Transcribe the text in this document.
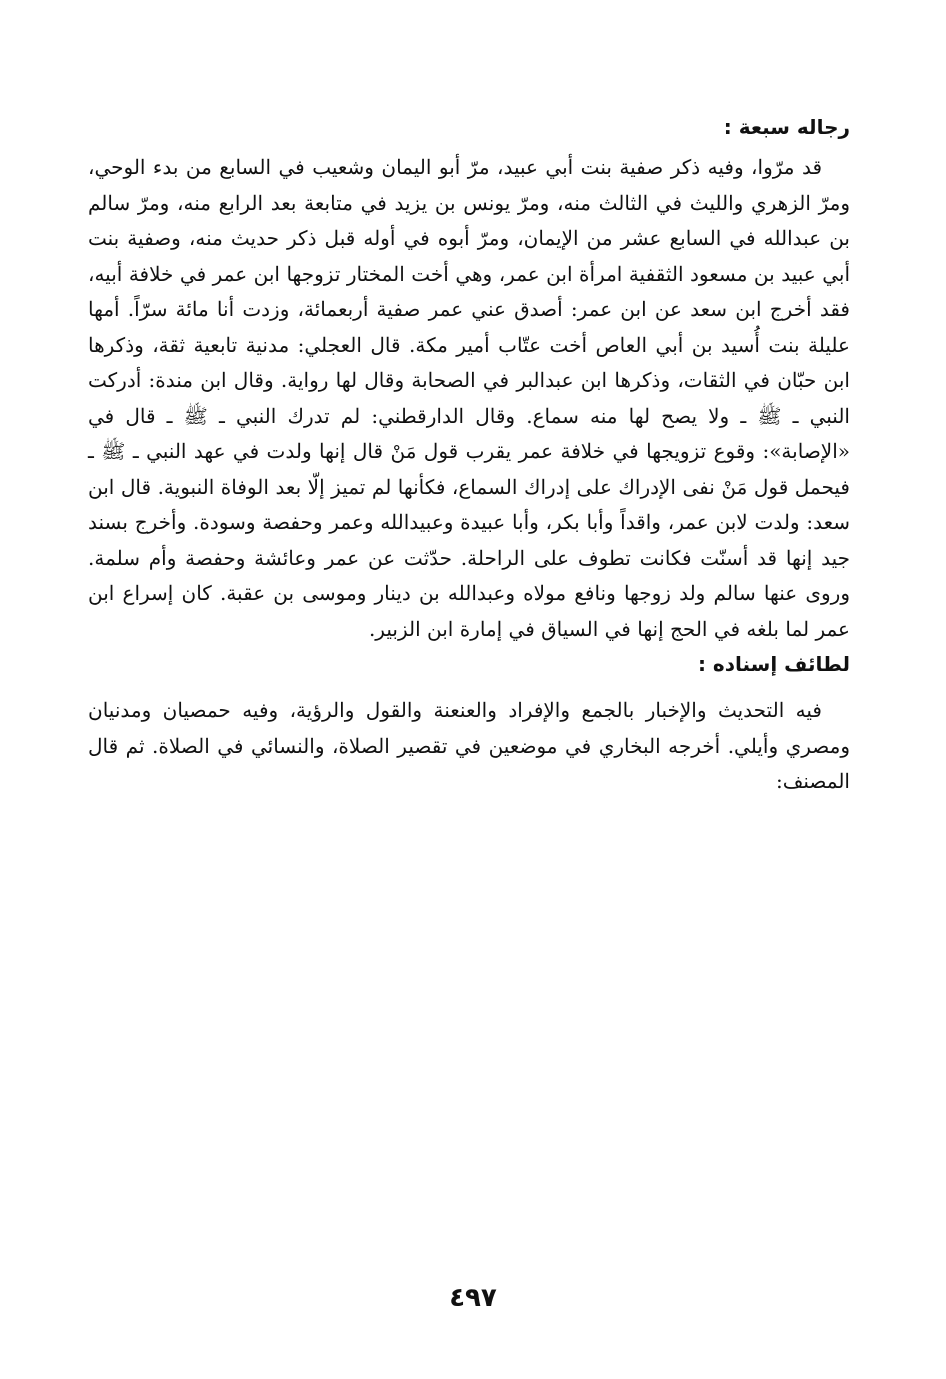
رجاله سبعة :

قد مرّوا، وفيه ذكر صفية بنت أبي عبيد، مرّ أبو اليمان وشعيب في السابع من بدء الوحي، ومرّ الزهري والليث في الثالث منه، ومرّ يونس بن يزيد في متابعة بعد الرابع منه، ومرّ سالم بن عبدالله في السابع عشر من الإيمان، ومرّ أبوه في أوله قبل ذكر حديث منه، وصفية بنت أبي عبيد بن مسعود الثقفية امرأة ابن عمر، وهي أخت المختار تزوجها ابن عمر في خلافة أبيه، فقد أخرج ابن سعد عن ابن عمر: أصدق عني عمر صفية أربعمائة، وزدت أنا مائة سرّاً. أمها عليلة بنت أُسيد بن أبي العاص أخت عتّاب أمير مكة. قال العجلي: مدنية تابعية ثقة، وذكرها ابن حبّان في الثقات، وذكرها ابن عبدالبر في الصحابة وقال لها رواية. وقال ابن مندة: أدركت النبي ـ ﷺ ـ ولا يصح لها منه سماع. وقال الدارقطني: لم تدرك النبي ـ ﷺ ـ قال في «الإصابة»: وقوع تزويجها في خلافة عمر يقرب قول مَنْ قال إنها ولدت في عهد النبي ـ ﷺ ـ فيحمل قول مَنْ نفى الإدراك على إدراك السماع، فكأنها لم تميز إلّا بعد الوفاة النبوية. قال ابن سعد: ولدت لابن عمر، واقداً وأبا بكر، وأبا عبيدة وعبيدالله وعمر وحفصة وسودة. وأخرج بسند جيد إنها قد أسنّت فكانت تطوف على الراحلة. حدّثت عن عمر وعائشة وحفصة وأم سلمة. وروى عنها سالم ولد زوجها ونافع مولاه وعبدالله بن دينار وموسى بن عقبة. كان إسراع ابن عمر لما بلغه في الحج إنها في السياق في إمارة ابن الزبير.

لطائف إسناده :

فيه التحديث والإخبار بالجمع والإفراد والعنعنة والقول والرؤية، وفيه حمصيان ومدنيان ومصري وأيلي. أخرجه البخاري في موضعين في تقصير الصلاة، والنسائي في الصلاة. ثم قال المصنف:

٤٩٧
